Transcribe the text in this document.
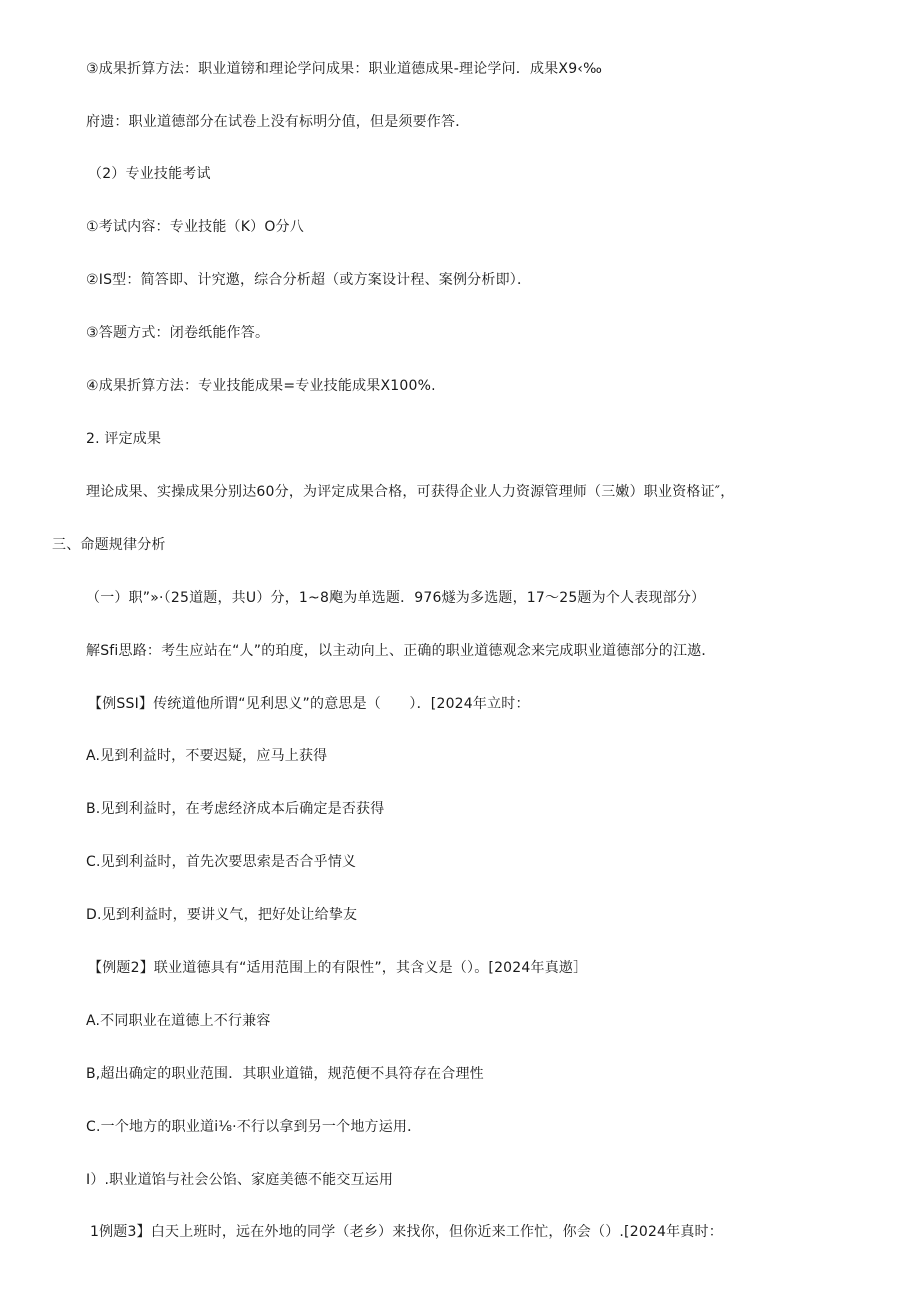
③成果折算方法：职业道镑和理论学问成果：职业道德成果-理论学问．成果X9‹‰
府遗：职业道德部分在试卷上没有标明分值，但是须要作答．
（2）专业技能考试
①考试内容：专业技能（K）O分八
②IS型：简答即、计究邀，综合分析超（或方案设计程、案例分析即）．
③答题方式：闭卷纸能作答。
④成果折算方法：专业技能成果=专业技能成果X100%.
2. 评定成果
理论成果、实操成果分别达60分，为评定成果合格，可获得企业人力资源管理师（三嫩）职业资格证″，
三、命题规律分析
（一）职”»·（25道题，共U）分，1~8飑为单选题．976燧为多选题，17～25题为个人表现部分）
解Sfi思路：考生应站在“人”的珀度，以主动向上、正确的职业道德观念来完成职业道德部分的江遨．
【例SSI】传统道他所谓“见利思义”的意思是（　　）．[2024年立时：
A.见到利益时，不要迟疑，应马上获得
B.见到利益时，在考虑经济成本后确定是否获得
C.见到利益时，首先次要思索是否合乎情义
D.见到利益时，要讲义气，把好处让给挚友
【例题2】联业道德具有“适用范围上的有限性”，其含义是（）。[2024年真遨］
A.不同职业在道德上不行兼容
B,超出确定的职业范围．其职业道锚，规范便不具符存在合理性
C.一个地方的职业道i⅛·不行以拿到另一个地方运用．
I）.职业道馅与社会公馅、家庭美德不能交互运用
1例题3】白天上班时，远在外地的同学（老乡）来找你，但你近来工作忙，你会（）.[2024年真时：
